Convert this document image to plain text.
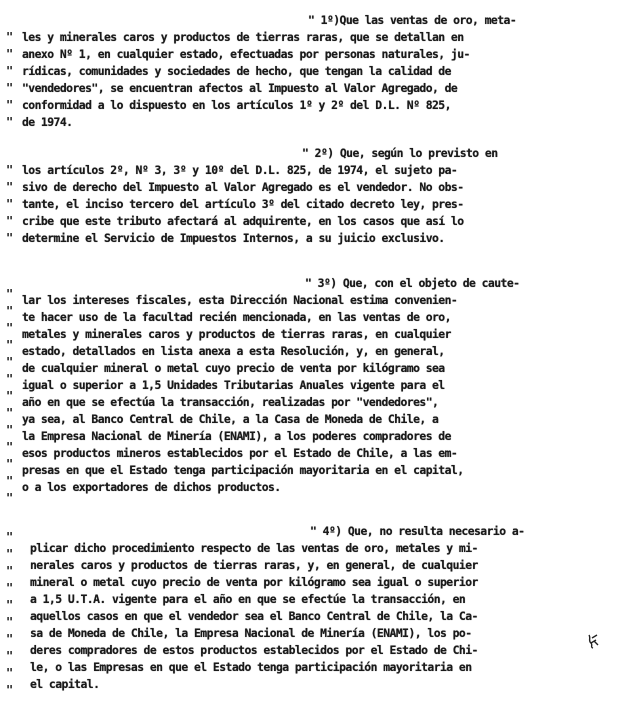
" 1º)Que las ventas de oro, meta-
les y minerales caros y productos de tierras raras, que se detallan en
anexo Nº 1, en cualquier estado, efectuadas por personas naturales, ju-
rídicas, comunidades y sociedades de hecho, que tengan la calidad de
"vendedores", se encuentran afectos al Impuesto al Valor Agregado, de
conformidad a lo dispuesto en los artículos 1º y 2º del D.L. Nº 825,
de 1974.
"
"
"
"
"
"
" 2º) Que, según lo previsto en
los artículos 2º, Nº 3, 3º y 10º del D.L. 825, de 1974, el sujeto pa-
sivo de derecho del Impuesto al Valor Agregado es el vendedor. No obs-
tante, el inciso tercero del artículo 3º del citado decreto ley, pres-
cribe que este tributo afectará al adquirente, en los casos que así lo
determine el Servicio de Impuestos Internos, a su juicio exclusivo.
"
"
"
"
"
" 3º) Que, con el objeto de caute-
lar los intereses fiscales, esta Dirección Nacional estima convenien-
te hacer uso de la facultad recién mencionada, en las ventas de oro,
metales y minerales caros y productos de tierras raras, en cualquier
estado, detallados en lista anexa a esta Resolución, y, en general,
de cualquier mineral o metal cuyo precio de venta por kilógramo sea
igual o superior a 1,5 Unidades Tributarias Anuales vigente para el
año en que se efectúa la transacción, realizadas por "vendedores",
ya sea, al Banco Central de Chile, a la Casa de Moneda de Chile, a
la Empresa Nacional de Minería (ENAMI), a los poderes compradores de
esos productos mineros establecidos por el Estado de Chile, a las em-
presas en que el Estado tenga participación mayoritaria en el capital,
o a los exportadores de dichos productos.
"
"
"
"
"
"
"
"
"
"
"
"
"
" 4º) Que, no resulta necesario a-
plicar dicho procedimiento respecto de las ventas de oro, metales y mi-
nerales caros y productos de tierras raras, y, en general, de cualquier
mineral o metal cuyo precio de venta por kilógramo sea igual o superior
a 1,5 U.T.A. vigente para el año en que se efectúe la transacción, en
aquellos casos en que el vendedor sea el Banco Central de Chile, la Ca-
sa de Moneda de Chile, la Empresa Nacional de Minería (ENAMI), los po-
deres compradores de estos productos establecidos por el Estado de Chi-
le, o las Empresas en que el Estado tenga participación mayoritaria en
el capital.
"
"
"
"
"
"
"
"
"
"
